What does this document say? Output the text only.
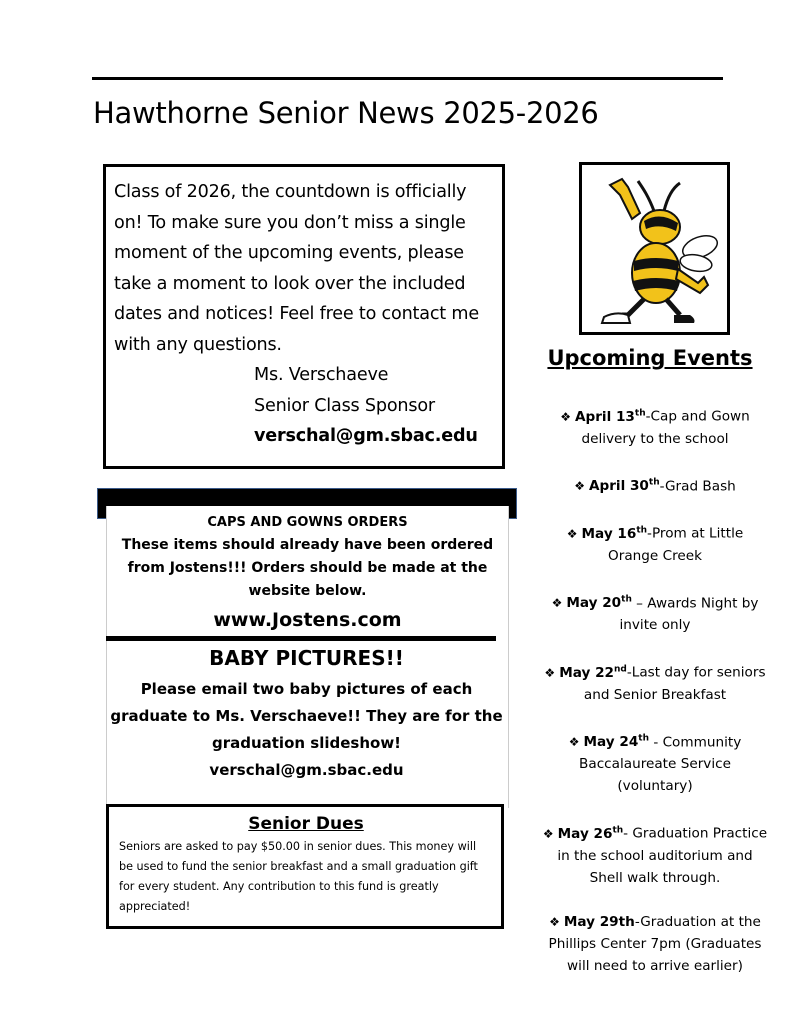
Hawthorne Senior News 2025-2026

Class of 2026, the countdown is officially on! To make sure you don’t miss a single moment of the upcoming events, please take a moment to look over the included dates and notices! Feel free to contact me with any questions.

Ms. Verschaeve
Senior Class Sponsor
verschal@gm.sbac.edu
CAPS AND GOWNS ORDERS
These items should already have been ordered from Jostens!!! Orders should be made at the website below.
www.Jostens.com
BABY PICTURES!!
Please email two baby pictures of each graduate to Ms. Verschaeve!! They are for the graduation slideshow!
verschal@gm.sbac.edu
Senior Dues
Seniors are asked to pay $50.00 in senior dues. This money will be used to fund the senior breakfast and a small graduation gift for every student. Any contribution to this fund is greatly appreciated!
Upcoming Events
❖ April 13th-Cap and Gown delivery to the school
❖ April 30th-Grad Bash
❖ May 16th-Prom at Little Orange Creek
❖ May 20th – Awards Night by invite only
❖ May 22nd-Last day for seniors and Senior Breakfast
❖ May 24th - Community Baccalaureate Service (voluntary)
❖ May 26th- Graduation Practice in the school auditorium and Shell walk through.
❖ May 29th-Graduation at the Phillips Center 7pm (Graduates will need to arrive earlier)
